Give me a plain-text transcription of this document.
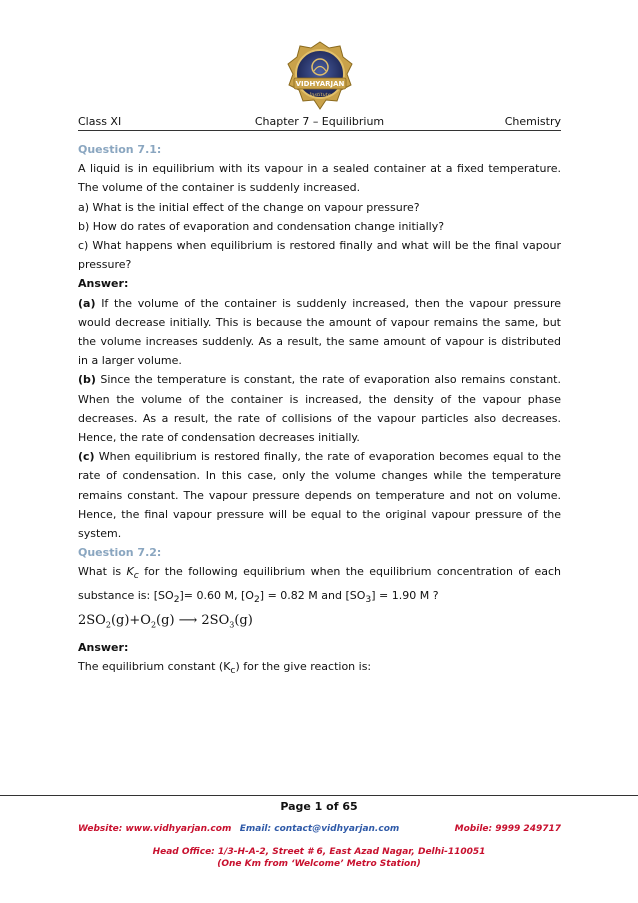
VIDHYARJAN
Institute
Class XI	Chapter 7 – Equilibrium	Chemistry

Question 7.1:

A liquid is in equilibrium with its vapour in a sealed container at a fixed temperature. The volume of the container is suddenly increased.

a) What is the initial effect of the change on vapour pressure?

b) How do rates of evaporation and condensation change initially?

c) What happens when equilibrium is restored finally and what will be the final vapour pressure?

Answer:

(a) If the volume of the container is suddenly increased, then the vapour pressure would decrease initially. This is because the amount of vapour remains the same, but the volume increases suddenly. As a result, the same amount of vapour is distributed in a larger volume.

(b) Since the temperature is constant, the rate of evaporation also remains constant. When the volume of the container is increased, the density of the vapour phase decreases. As a result, the rate of collisions of the vapour particles also decreases. Hence, the rate of condensation decreases initially.

(c) When equilibrium is restored finally, the rate of evaporation becomes equal to the rate of condensation. In this case, only the volume changes while the temperature remains constant. The vapour pressure depends on temperature and not on volume. Hence, the final vapour pressure will be equal to the original vapour pressure of the system.

Question 7.2:

What is $K_c$ for the following equilibrium when the equilibrium concentration of each substance is: $[SO_2]= 0.60$ M, $[O_2] = 0.82$ M and $[SO_3] = 1.90$ M ?

$2SO_2(g)+O_2(g)$ ⟶ $2SO_3(g)$

Answer:

The equilibrium constant $(K_c)$ for the give reaction is:

Page 1 of 65
Website: www.vidhyarjan.com Email: contact@vidhyarjan.com	Mobile: 9999 249717
Head Office: 1/3-H-A-2, Street # 6, East Azad Nagar, Delhi-110051
(One Km from ‘Welcome’ Metro Station)
